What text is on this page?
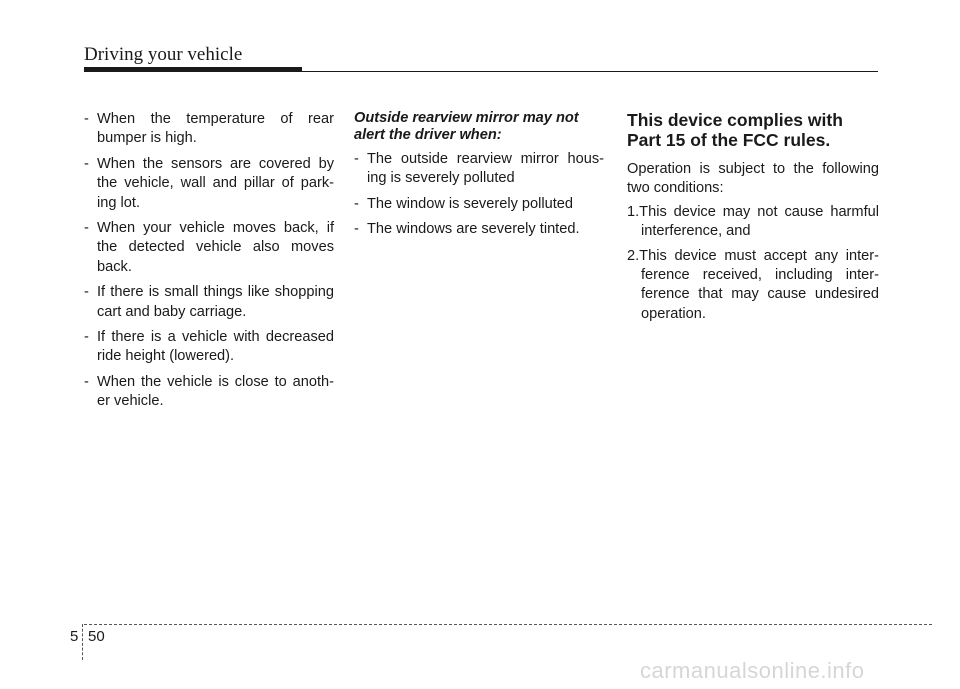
Driving your vehicle
- When the temperature of rear bumper is high.
- When the sensors are covered by the vehicle, wall and pillar of park-ing lot.
- When your vehicle moves back, if the detected vehicle also moves back.
- If there is small things like shopping cart and baby carriage.
- If there is a vehicle with decreased ride height (lowered).
- When the vehicle is close to anoth-er vehicle.
Outside rearview mirror may not alert the driver when:
- The outside rearview mirror hous-ing is severely polluted
- The window is severely polluted
- The windows are severely tinted.
This device complies with Part 15 of the FCC rules.

Operation is subject to the following two conditions:

1.This device may not cause harmful interference, and
2.This device must accept any inter-ference received, including inter-ference that may cause undesired operation.
5 50
carmanualsonline.info
